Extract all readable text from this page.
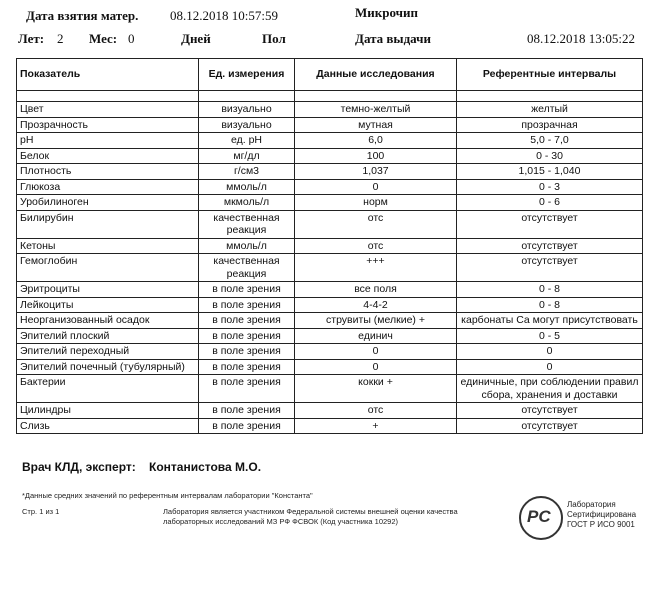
Дата взятия матер. 08.12.2018 10:57:59	Микрочип
Лет: 2 Мес: 0	Дней	Пол	Дата выдачи	08.12.2018 13:05:22
Показатель	Ед. измерения	Данные исследования	Референтные интервалы

Цвет	визуально	темно-желтый	желтый
Прозрачность	визуально	мутная	прозрачная
pH	ед. pH	6,0	5,0 - 7,0
Белок	мг/дл	100	0 - 30
Плотность	г/см3	1,037	1,015 - 1,040
Глюкоза	ммоль/л	0	0 - 3
Уробилиноген	мкмоль/л	норм	0 - 6
Билирубин	качественная реакция	отс	отсутствует
Кетоны	ммоль/л	отс	отсутствует
Гемоглобин	качественная реакция	+++	отсутствует
Эритроциты	в поле зрения	все поля	0 - 8
Лейкоциты	в поле зрения	4-4-2	0 - 8
Неорганизованный осадок	в поле зрения	струвиты (мелкие) +	карбонаты Са могут присутствовать
Эпителий плоский	в поле зрения	единич	0 - 5
Эпителий переходный	в поле зрения	0	0
Эпителий почечный (тубулярный)	в поле зрения	0	0
Бактерии	в поле зрения	кокки +	единичные, при соблюдении правил сбора, хранения и доставки
Цилиндры	в поле зрения	отс	отсутствует
Слизь	в поле зрения	+	отсутствует
Врач КЛД, эксперт: Контанистова М.О.
*Данные средних значений по референтным интервалам лаборатории "Константа"
Стр. 1 из 1	Лаборатория является участником Федеральной системы внешней оценки качества
лабораторных исследований МЗ РФ ФСВОК (Код участника 10292)	РС
Лаборатория
Сертифицирована
ГОСТ Р ИСО 9001
